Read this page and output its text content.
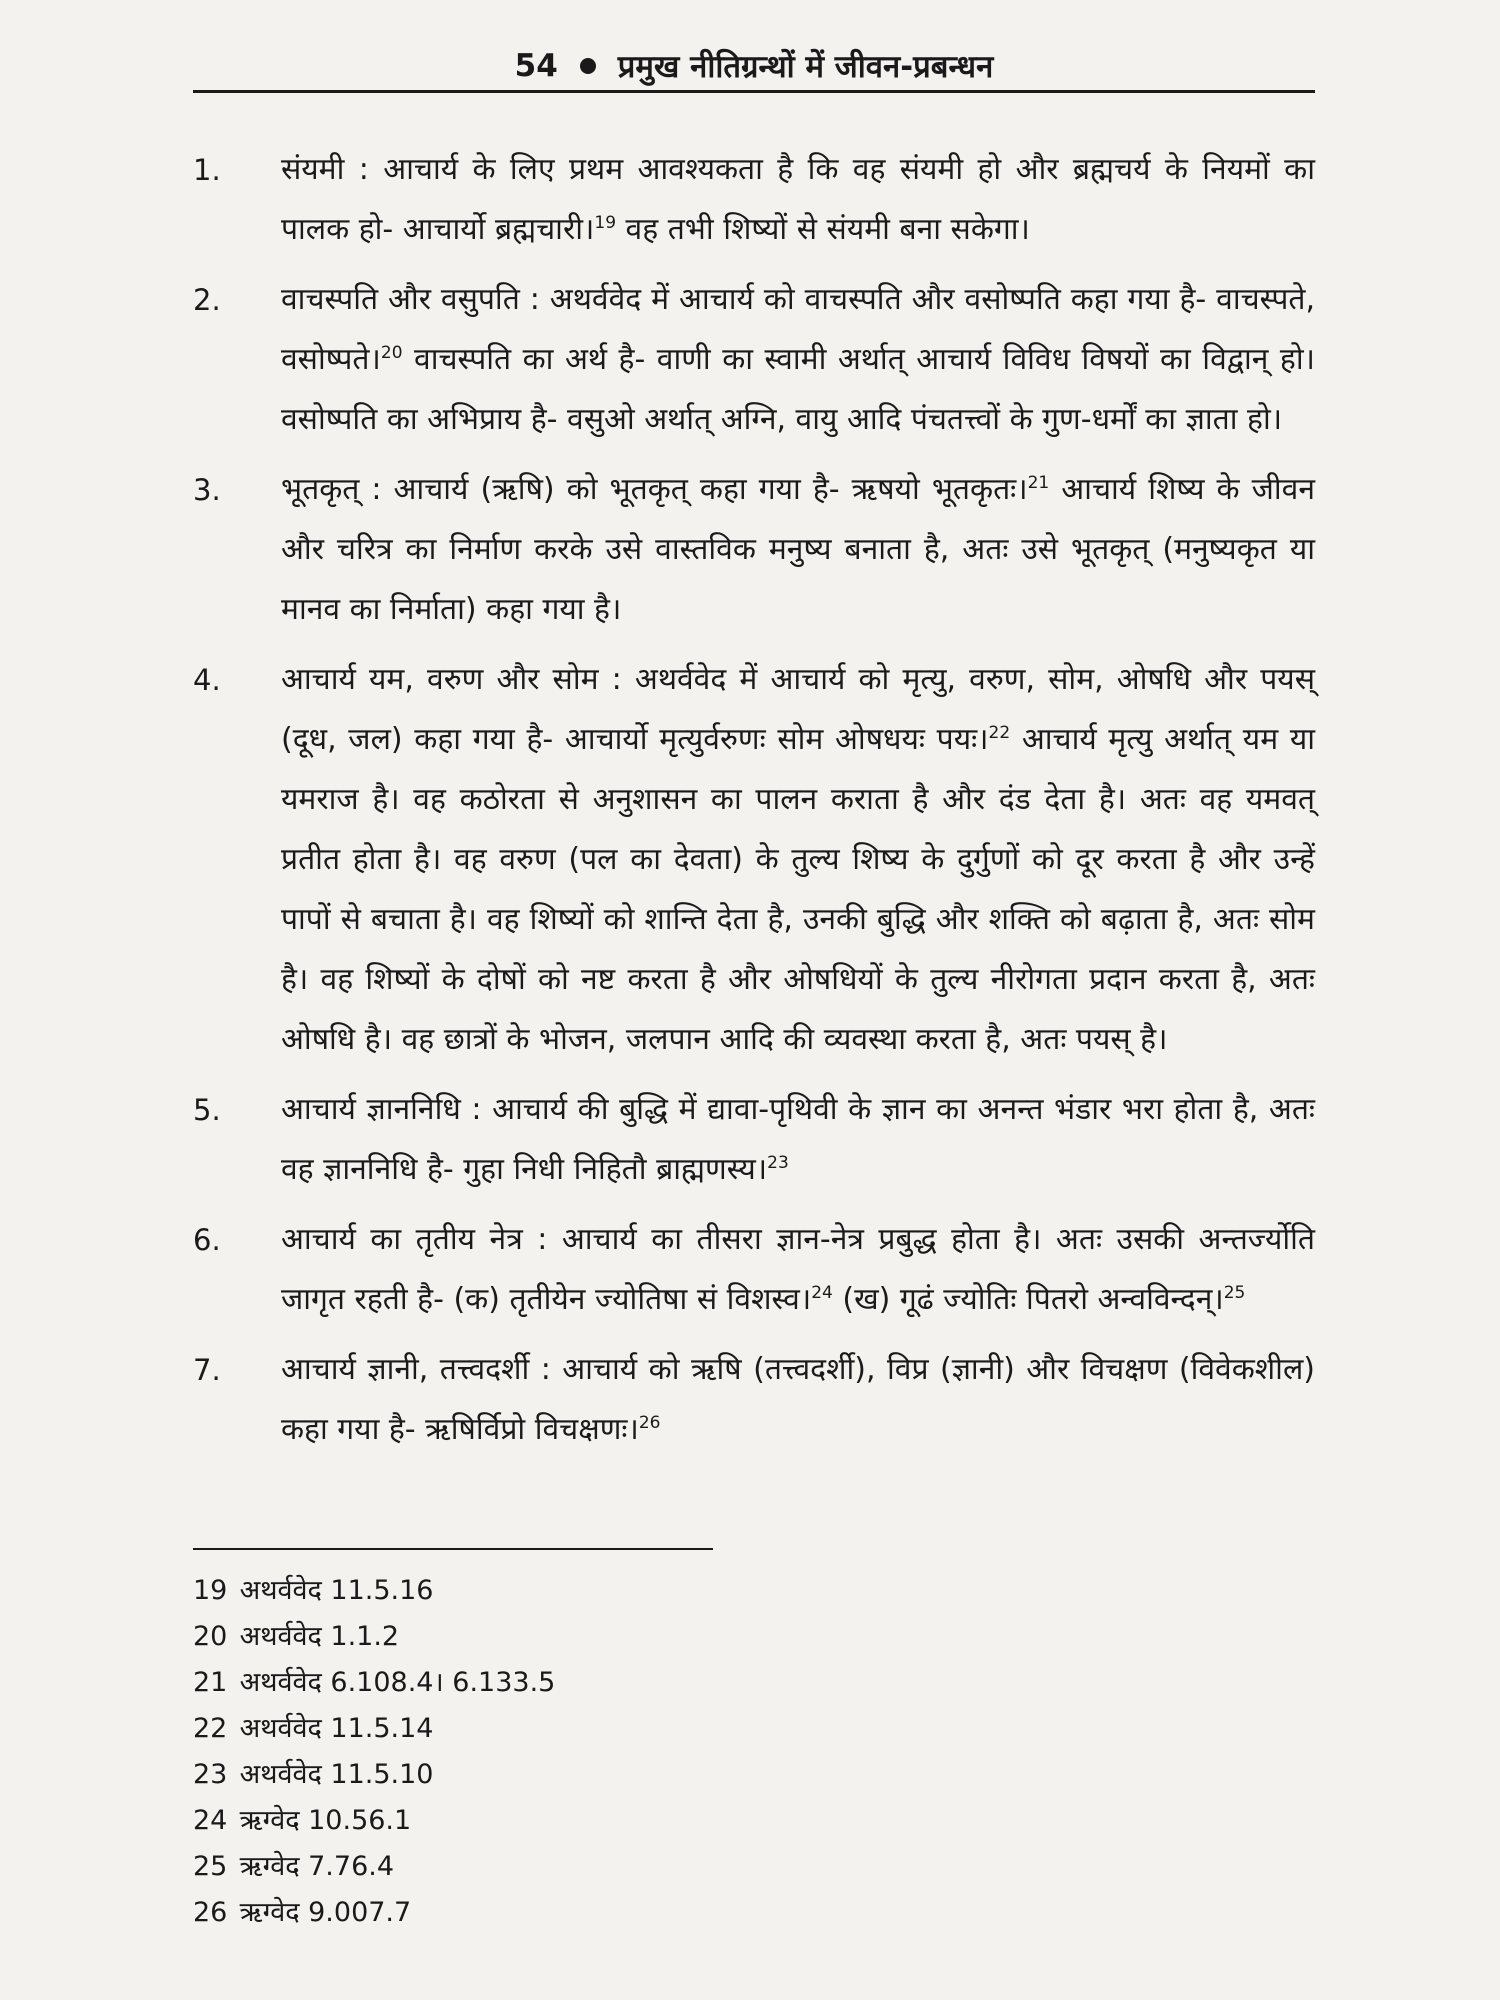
54 प्रमुख नीतिग्रन्थों में जीवन-प्रबन्धन
1.	संयमी : आचार्य के लिए प्रथम आवश्यकता है कि वह संयमी हो और ब्रह्मचर्य के नियमों का पालक हो- आचार्यो ब्रह्मचारी।$^{19}$ वह तभी शिष्यों से संयमी बना सकेगा।
2.	वाचस्पति और वसुपति : अथर्ववेद में आचार्य को वाचस्पति और वसोष्पति कहा गया है- वाचस्पते, वसोष्पते।$^{20}$ वाचस्पति का अर्थ है- वाणी का स्वामी अर्थात् आचार्य विविध विषयों का विद्वान् हो। वसोष्पति का अभिप्राय है- वसुओ अर्थात् अग्नि, वायु आदि पंचतत्त्वों के गुण-धर्मों का ज्ञाता हो।
3.	भूतकृत् : आचार्य (ऋषि) को भूतकृत् कहा गया है- ऋषयो भूतकृतः।$^{21}$ आचार्य शिष्य के जीवन और चरित्र का निर्माण करके उसे वास्तविक मनुष्य बनाता है, अतः उसे भूतकृत् (मनुष्यकृत या मानव का निर्माता) कहा गया है।
4.	आचार्य यम, वरुण और सोम : अथर्ववेद में आचार्य को मृत्यु, वरुण, सोम, ओषधि और पयस् (दूध, जल) कहा गया है- आचार्यो मृत्युर्वरुणः सोम ओषधयः पयः।$^{22}$ आचार्य मृत्यु अर्थात् यम या यमराज है। वह कठोरता से अनुशासन का पालन कराता है और दंड देता है। अतः वह यमवत् प्रतीत होता है। वह वरुण (पल का देवता) के तुल्य शिष्य के दुर्गुणों को दूर करता है और उन्हें पापों से बचाता है। वह शिष्यों को शान्ति देता है, उनकी बुद्धि और शक्ति को बढ़ाता है, अतः सोम है। वह शिष्यों के दोषों को नष्ट करता है और ओषधियों के तुल्य नीरोगता प्रदान करता है, अतः ओषधि है। वह छात्रों के भोजन, जलपान आदि की व्यवस्था करता है, अतः पयस् है।
5.	आचार्य ज्ञाननिधि : आचार्य की बुद्धि में द्यावा-पृथिवी के ज्ञान का अनन्त भंडार भरा होता है, अतः वह ज्ञाननिधि है- गुहा निधी निहितौ ब्राह्मणस्य।$^{23}$
6.	आचार्य का तृतीय नेत्र : आचार्य का तीसरा ज्ञान-नेत्र प्रबुद्ध होता है। अतः उसकी अन्तर्ज्योति जागृत रहती है- (क) तृतीयेन ज्योतिषा सं विशस्व।$^{24}$ (ख) गूढं ज्योतिः पितरो अन्वविन्दन्।$^{25}$
7.	आचार्य ज्ञानी, तत्त्वदर्शी : आचार्य को ऋषि (तत्त्वदर्शी), विप्र (ज्ञानी) और विचक्षण (विवेकशील) कहा गया है- ऋषिर्विप्रो विचक्षणः।$^{26}$
19 अथर्ववेद 11.5.16
20 अथर्ववेद 1.1.2
21 अथर्ववेद 6.108.4। 6.133.5
22 अथर्ववेद 11.5.14
23 अथर्ववेद 11.5.10
24 ऋग्वेद 10.56.1
25 ऋग्वेद 7.76.4
26 ऋग्वेद 9.007.7
